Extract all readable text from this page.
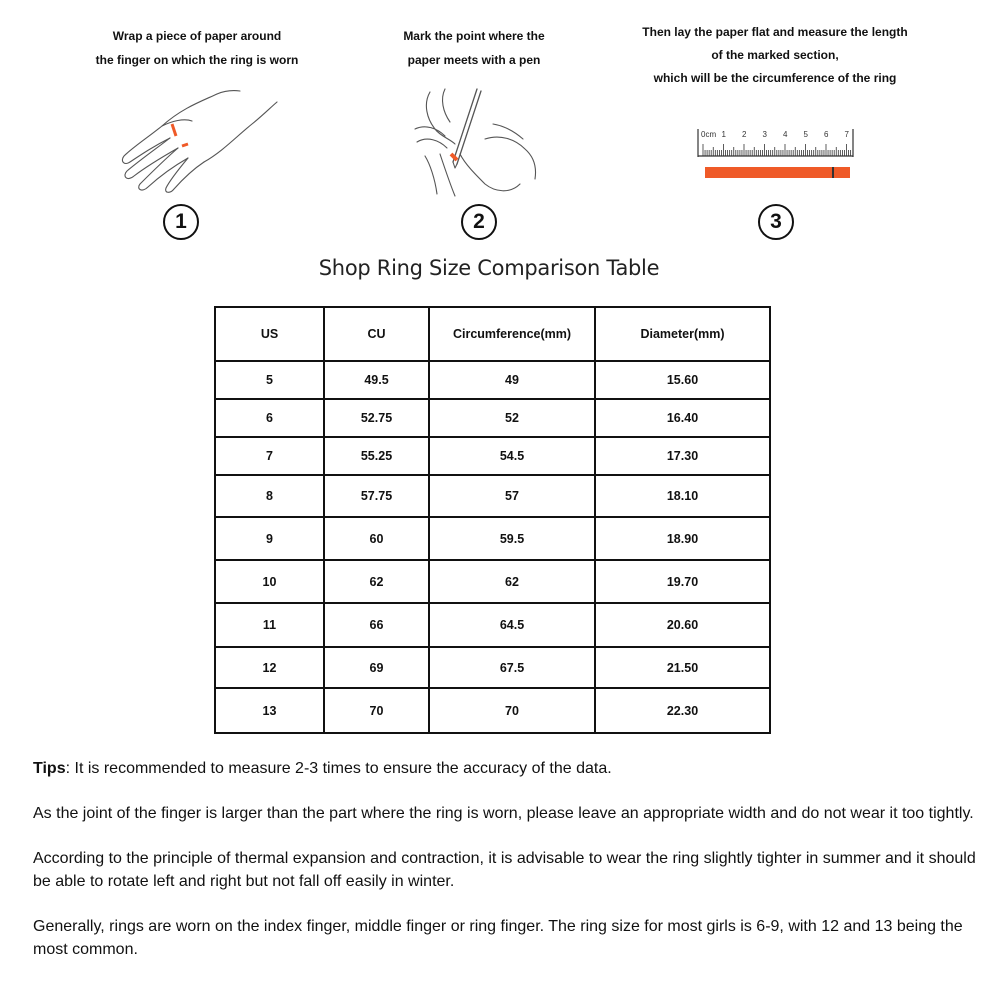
Wrap a piece of paper around
the finger on which the ring is worn
Mark the point where the
paper meets with a pen
Then lay the paper flat and measure the length
of the marked section,
which will be the circumference of the ring
0cm 1 2 3 4 5 6 7
1	2	3
Shop Ring Size Comparison Table
US	CU	Circumference(mm)	Diameter(mm)
5	49.5	49	15.60
6	52.75	52	16.40
7	55.25	54.5	17.30
8	57.75	57	18.10
9	60	59.5	18.90
10	62	62	19.70
11	66	64.5	20.60
12	69	67.5	21.50
13	70	70	22.30

Tips: It is recommended to measure 2-3 times to ensure the accuracy of the data.

As the joint of the finger is larger than the part where the ring is worn, please leave an appropriate width and do not wear it too tightly.

According to the principle of thermal expansion and contraction, it is advisable to wear the ring slightly tighter in summer and it should be able to rotate left and right but not fall off easily in winter.

Generally, rings are worn on the index finger, middle finger or ring finger. The ring size for most girls is 6-9, with 12 and 13 being the most common.
